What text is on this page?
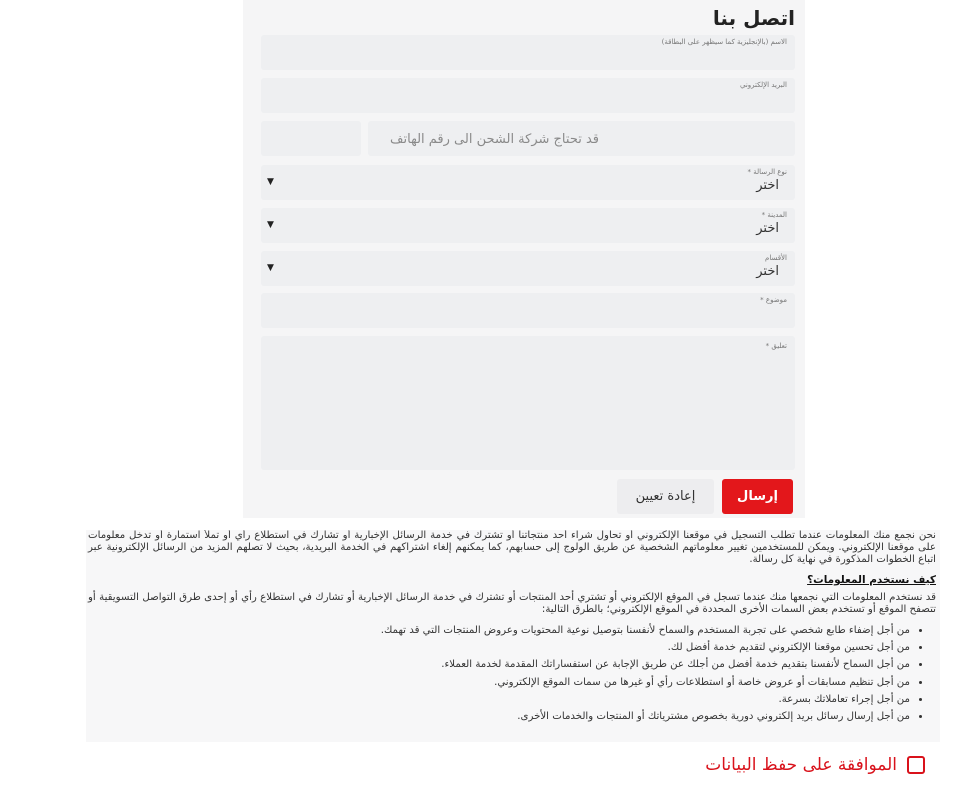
اتصل بنا
الاسم (بالإنجليزية كما سيظهر على البطاقة)
البريد الإلكتروني
قد تحتاج شركة الشحن الى رقم الهاتف
نوع الرسالة *
اختر
▼
المدينة *
اختر
▼
الأقسام
اختر
▼
موضوع *
تعليق *
إرسال
إعادة تعيين

نحن نجمع منك المعلومات عندما تطلب التسجيل في موقعنا الإلكتروني أو تحاول شراء أحد منتجاتنا أو تشترك في خدمة الرسائل الإخبارية أو تشارك في استطلاع رأي أو تملأ استمارة أو تدخل معلومات على موقعنا الإلكتروني. ويمكن للمستخدمين تغيير معلوماتهم الشخصية عن طريق الولوج إلى حسابهم، كما يمكنهم إلغاء اشتراكهم في الخدمة البريدية، بحيث لا تصلهم المزيد من الرسائل الإلكترونية عبر اتباع الخطوات المذكورة في نهاية كل رسالة.

كيف نستخدم المعلومات؟

قد نستخدم المعلومات التي نجمعها منك عندما تسجل في الموقع الإلكتروني أو تشتري أحد المنتجات أو تشترك في خدمة الرسائل الإخبارية أو تشارك في استطلاع رأي أو إحدى طرق التواصل التسويقية أو تتصفح الموقع أو تستخدم بعض السمات الأخرى المحددة في الموقع الإلكتروني؛ بالطرق التالية:

• من أجل إضفاء طابع شخصي على تجربة المستخدم والسماح لأنفسنا بتوصيل نوعية المحتويات وعروض المنتجات التي قد تهمك.
• من أجل تحسين موقعنا الإلكتروني لتقديم خدمة أفضل لك.
• من أجل السماح لأنفسنا بتقديم خدمة أفضل من أجلك عن طريق الإجابة عن استفساراتك المقدمة لخدمة العملاء.
• من أجل تنظيم مسابقات أو عروض خاصة أو استطلاعات رأي أو غيرها من سمات الموقع الإلكتروني.
• من أجل إجراء تعاملاتك بسرعة.
• من أجل إرسال رسائل بريد إلكتروني دورية بخصوص مشترياتك أو المنتجات والخدمات الأخرى.
الموافقة على حفظ البيانات
